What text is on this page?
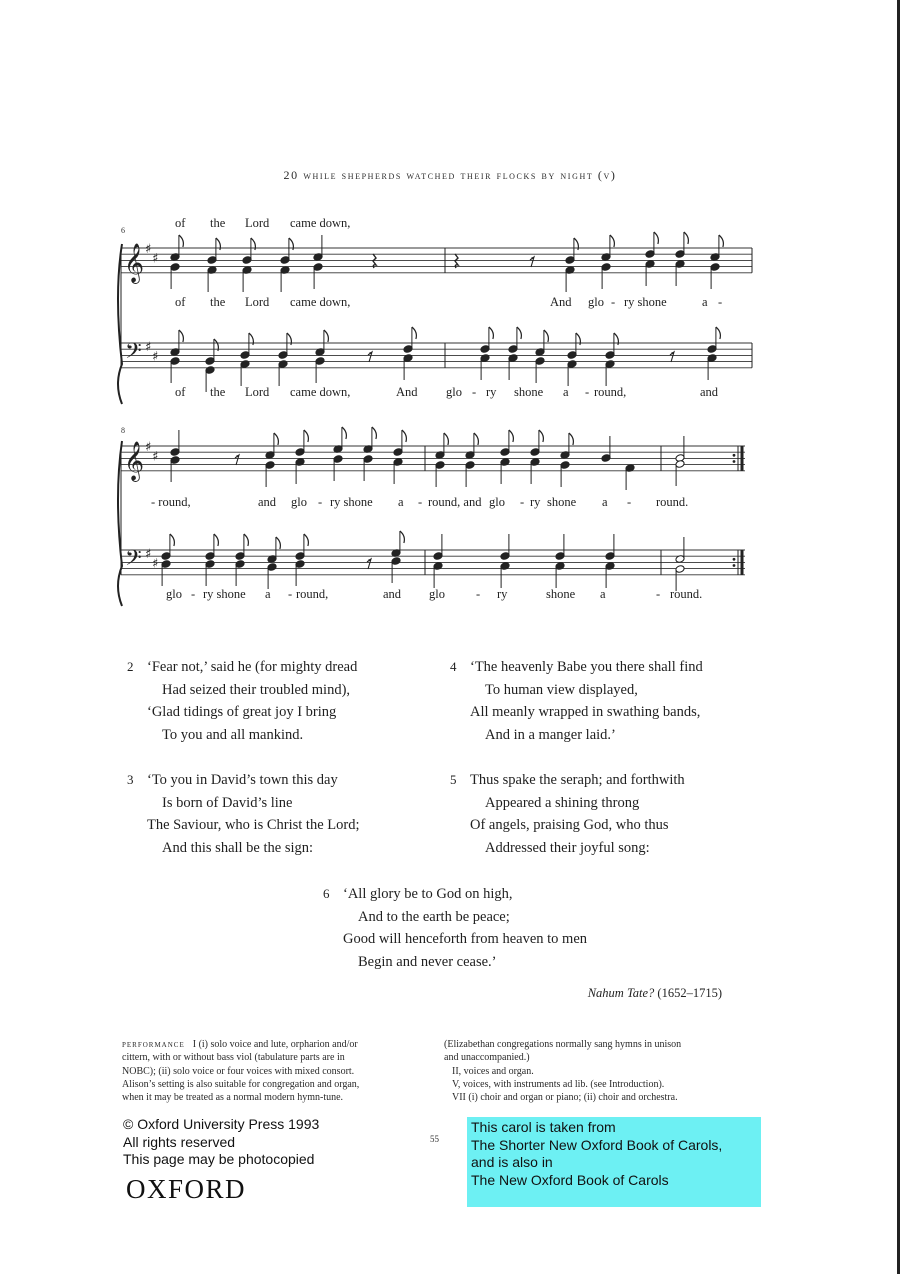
20 while shepherds watched their flocks by night (v)
𝄞
𝄢
♯
♯
♯
♯
·
·	·
𝄞
𝄢
♯
♯
♯
♯
·
·
6
8
of the Lord came down,
of the Lord came down,	And glo - ry shone	a -
of the Lord came down,	And glo - ry shone a - round,	and
- round,	and glo - ry shone a - round, and glo - ry shone a - round.
glo - ry shone a - round,	and glo - ry	shone a	- round.
2 ‘Fear not,’ said he (for mighty dread
Had seized their troubled mind),
‘Glad tidings of great joy I bring
To you and all mankind.
4 ‘The heavenly Babe you there shall find
To human view displayed,
All meanly wrapped in swathing bands,
And in a manger laid.’
3 ‘To you in David’s town this day
Is born of David’s line
The Saviour, who is Christ the Lord;
And this shall be the sign:
5 Thus spake the seraph; and forthwith
Appeared a shining throng
Of angels, praising God, who thus
Addressed their joyful song:
6 ‘All glory be to God on high,
And to the earth be peace;
Good will henceforth from heaven to men
Begin and never cease.’
Nahum Tate? (1652–1715)
performance I (i) solo voice and lute, orpharion and/or
cittern, with or without bass viol (tabulature parts are in
NOBC); (ii) solo voice or four voices with mixed consort.
Alison’s setting is also suitable for congregation and organ,
when it may be treated as a normal modern hymn-tune.
(Elizabethan congregations normally sang hymns in unison
and unaccompanied.)
II, voices and organ.
V, voices, with instruments ad lib. (see Introduction).
VII (i) choir and organ or piano; (ii) choir and orchestra.
© Oxford University Press 1993
All rights reserved
This page may be photocopied
OXFORD
55
This carol is taken from
The Shorter New Oxford Book of Carols,
and is also in
The New Oxford Book of Carols
